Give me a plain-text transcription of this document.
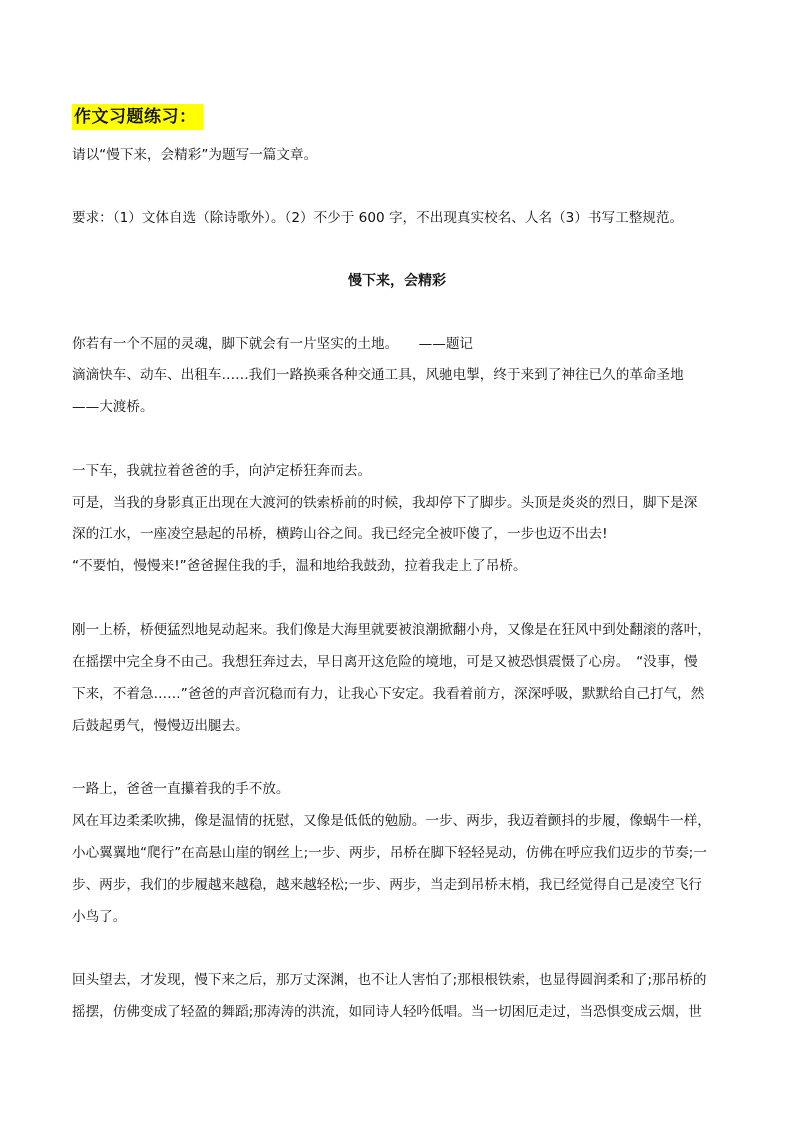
作文习题练习：
请以“慢下来，会精彩”为题写一篇文章。
要求：（1）文体自选（除诗歌外）。（2）不少于 600 字，不出现真实校名、人名（3）书写工整规范。
慢下来，会精彩
你若有一个不屈的灵魂，脚下就会有一片坚实的土地。　　——题记
滴滴快车、动车、出租车……我们一路换乘各种交通工具，风驰电掣，终于来到了神往已久的革命圣地
——大渡桥。
一下车，我就拉着爸爸的手，向泸定桥狂奔而去。
可是，当我的身影真正出现在大渡河的铁索桥前的时候，我却停下了脚步。头顶是炎炎的烈日，脚下是深
深的江水，一座凌空悬起的吊桥，横跨山谷之间。我已经完全被吓傻了，一步也迈不出去!
“不要怕，慢慢来!”爸爸握住我的手，温和地给我鼓劲，拉着我走上了吊桥。
刚一上桥，桥便猛烈地晃动起来。我们像是大海里就要被浪潮掀翻小舟，又像是在狂风中到处翻滚的落叶，
在摇摆中完全身不由己。我想狂奔过去，早日离开这危险的境地，可是又被恐惧震慑了心房。　“没事，慢
下来，不着急……”爸爸的声音沉稳而有力，让我心下安定。我看着前方，深深呼吸，默默给自己打气，然
后鼓起勇气，慢慢迈出腿去。
一路上，爸爸一直攥着我的手不放。
风在耳边柔柔吹拂，像是温情的抚慰，又像是低低的勉励。一步、两步，我迈着颤抖的步履，像蜗牛一样，
小心翼翼地“爬行”在高悬山崖的钢丝上;一步、两步，吊桥在脚下轻轻晃动，仿佛在呼应我们迈步的节奏;一
步、两步，我们的步履越来越稳，越来越轻松;一步、两步，当走到吊桥末梢，我已经觉得自己是凌空飞行
小鸟了。
回头望去，才发现，慢下来之后，那万丈深渊，也不让人害怕了;那根根铁索，也显得圆润柔和了;那吊桥的
摇摆，仿佛变成了轻盈的舞蹈;那涛涛的洪流，如同诗人轻吟低唱。当一切困厄走过，当恐惧变成云烟，世
